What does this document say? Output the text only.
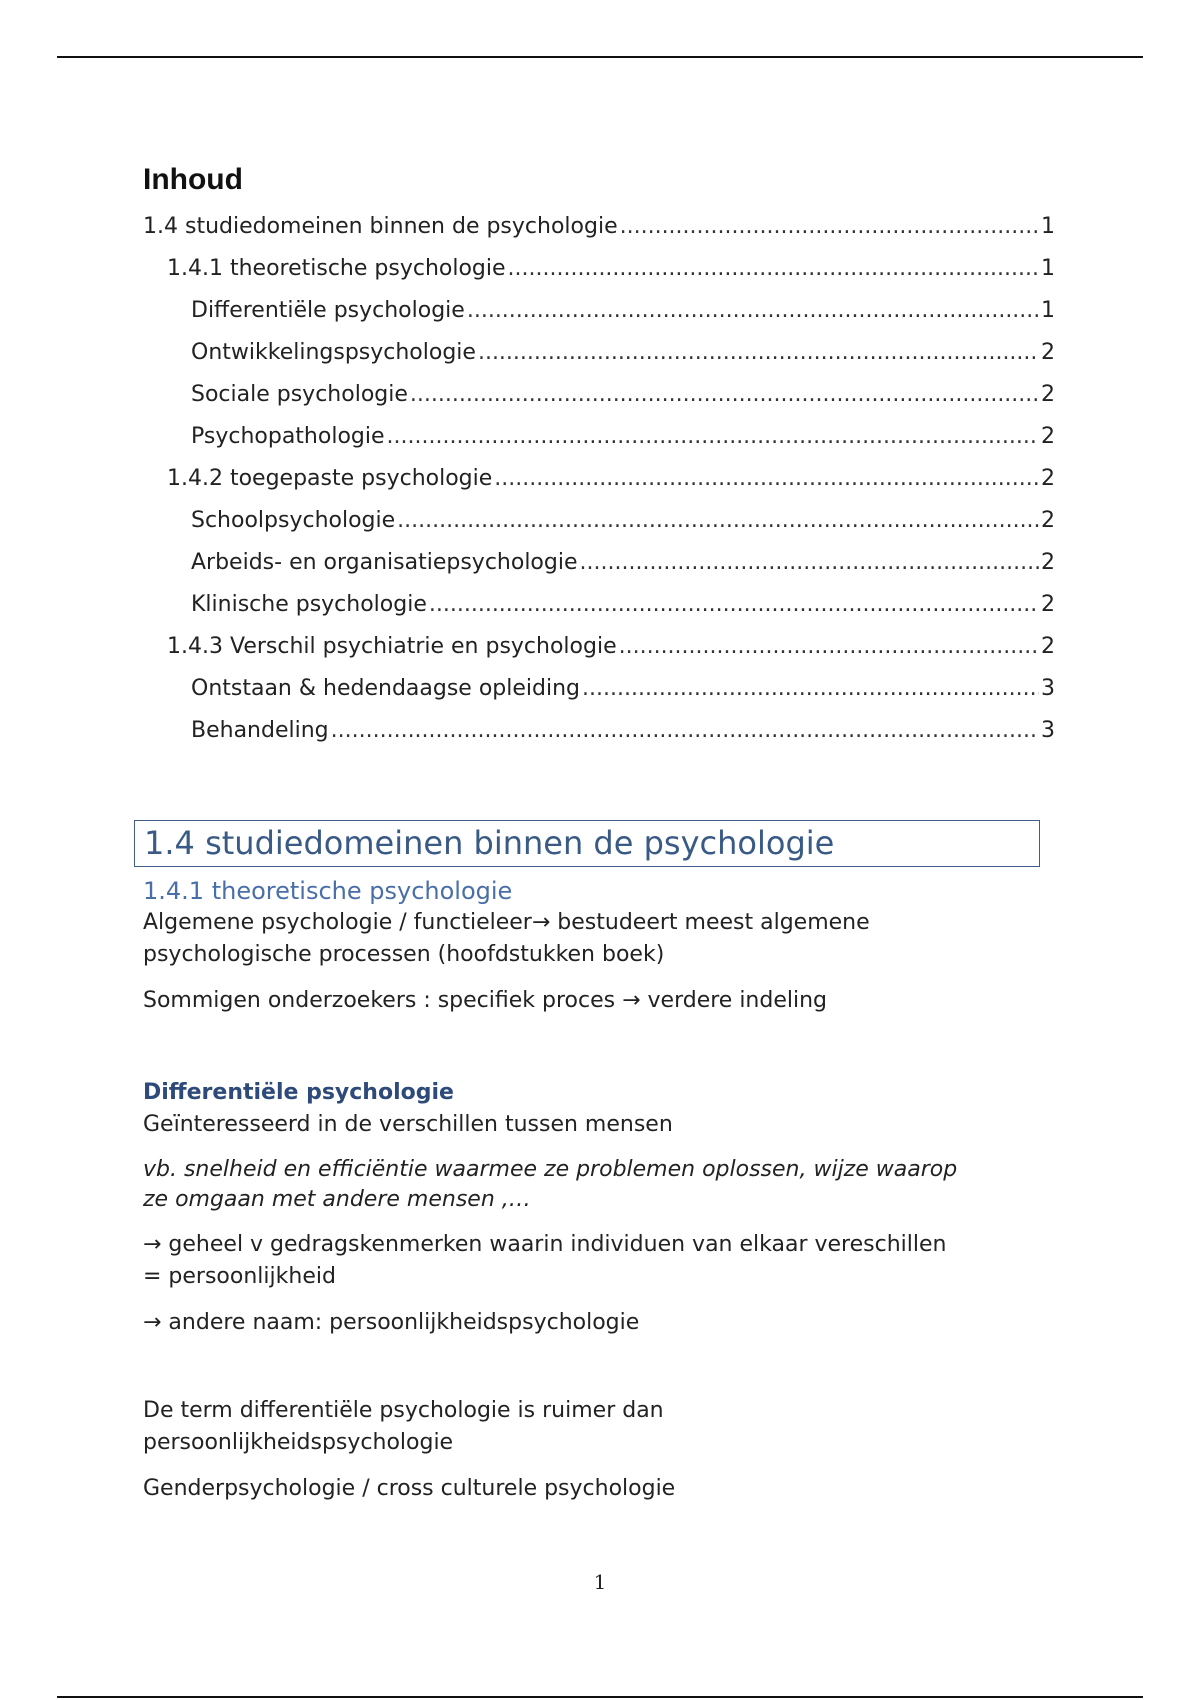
Inhoud
1.4 studiedomeinen binnen de psychologie .....	1
1.4.1 theoretische psychologie .....	1
Differentiële psychologie .....	1
Ontwikkelingspsychologie .....	2
Sociale psychologie .....	2
Psychopathologie .....	2
1.4.2 toegepaste psychologie .....	2
Schoolpsychologie .....	2
Arbeids- en organisatiepsychologie .....	2
Klinische psychologie .....	2
1.4.3 Verschil psychiatrie en psychologie .....	2
Ontstaan & hedendaagse opleiding .....	3
Behandeling .....	3
1.4 studiedomeinen binnen de psychologie
1.4.1 theoretische psychologie

Algemene psychologie / functieleer→ bestudeert meest algemene

psychologische processen (hoofdstukken boek)

Sommigen onderzoekers : specifiek proces → verdere indeling

Differentiële psychologie

Geïnteresseerd in de verschillen tussen mensen

vb. snelheid en efficiëntie waarmee ze problemen oplossen, wijze waarop

ze omgaan met andere mensen ,…

→ geheel v gedragskenmerken waarin individuen van elkaar vereschillen

= persoonlijkheid

→ andere naam: persoonlijkheidspsychologie

De term differentiële psychologie is ruimer dan

persoonlijkheidspsychologie

Genderpsychologie / cross culturele psychologie

1
